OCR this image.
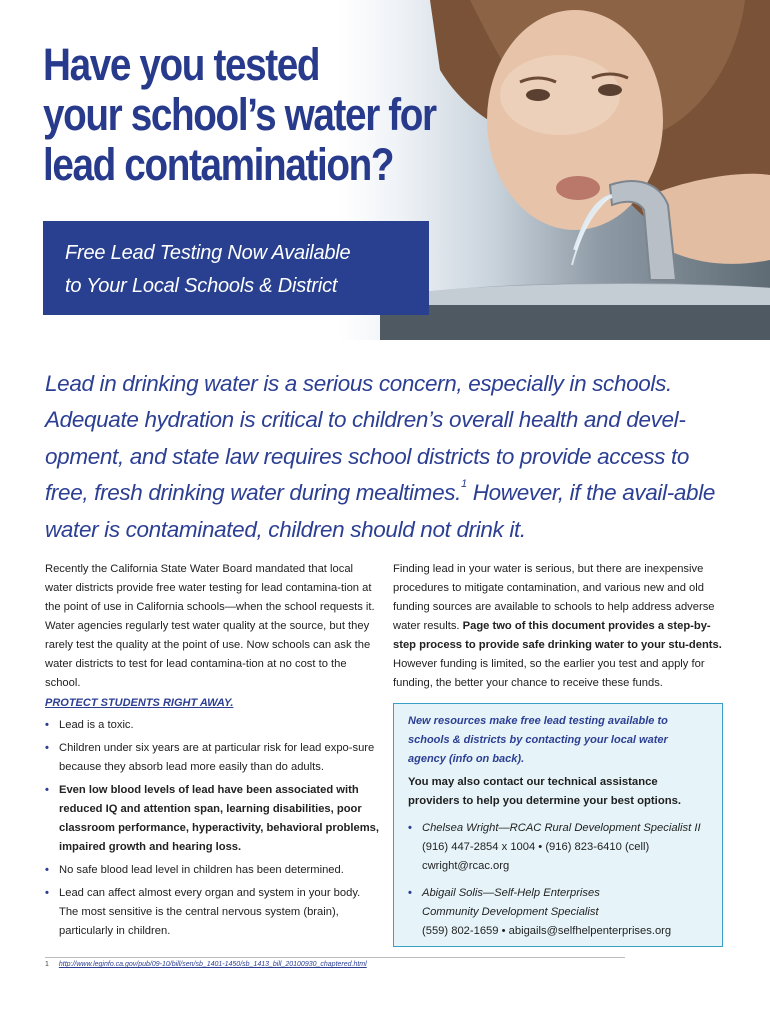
Have you tested
your school’s water for
lead contamination?
Free Lead Testing Now Available
to Your Local Schools & District

Lead in drinking water is a serious concern, especially in schools. Adequate hydration is critical to children’s overall health and devel-opment, and state law requires school districts to provide access to free, fresh drinking water during mealtimes.$^1$ However, if the avail-able water is contaminated, children should not drink it.

Recently the California State Water Board mandated that local water districts provide free water testing for lead contamina-tion at the point of use in California schools—when the school requests it. Water agencies regularly test water quality at the source, but they rarely test the quality at the point of use. Now schools can ask the water districts to test for lead contamina-tion at no cost to the school.

PROTECT STUDENTS RIGHT AWAY.

• Lead is a toxic.
• Children under six years are at particular risk for lead expo-sure because they absorb lead more easily than do adults.
• Even low blood levels of lead have been associated with reduced IQ and attention span, learning disabilities, poor classroom performance, hyperactivity, behavioral problems, impaired growth and hearing loss.
• No safe blood lead level in children has been determined.
• Lead can affect almost every organ and system in your body. The most sensitive is the central nervous system (brain), particularly in children.

Finding lead in your water is serious, but there are inexpensive procedures to mitigate contamination, and various new and old funding sources are available to schools to help address adverse water results. Page two of this document provides a step-by-step process to provide safe drinking water to your stu-dents. However funding is limited, so the earlier you test and apply for funding, the better your chance to receive these funds.

New resources make free lead testing available to schools & districts by contacting your local water agency (info on back).

You may also contact our technical assistance providers to help you determine your best options.

• Chelsea Wright—RCAC Rural Development Specialist II
(916) 447-2854 x 1004 • (916) 823-6410 (cell)
cwright@rcac.org
• Abigail Solis—Self-Help Enterprises
Community Development Specialist
(559) 802-1659 • abigails@selfhelpenterprises.org
1 http://www.leginfo.ca.gov/pub/09-10/bill/sen/sb_1401-1450/sb_1413_bill_20100930_chaptered.html
